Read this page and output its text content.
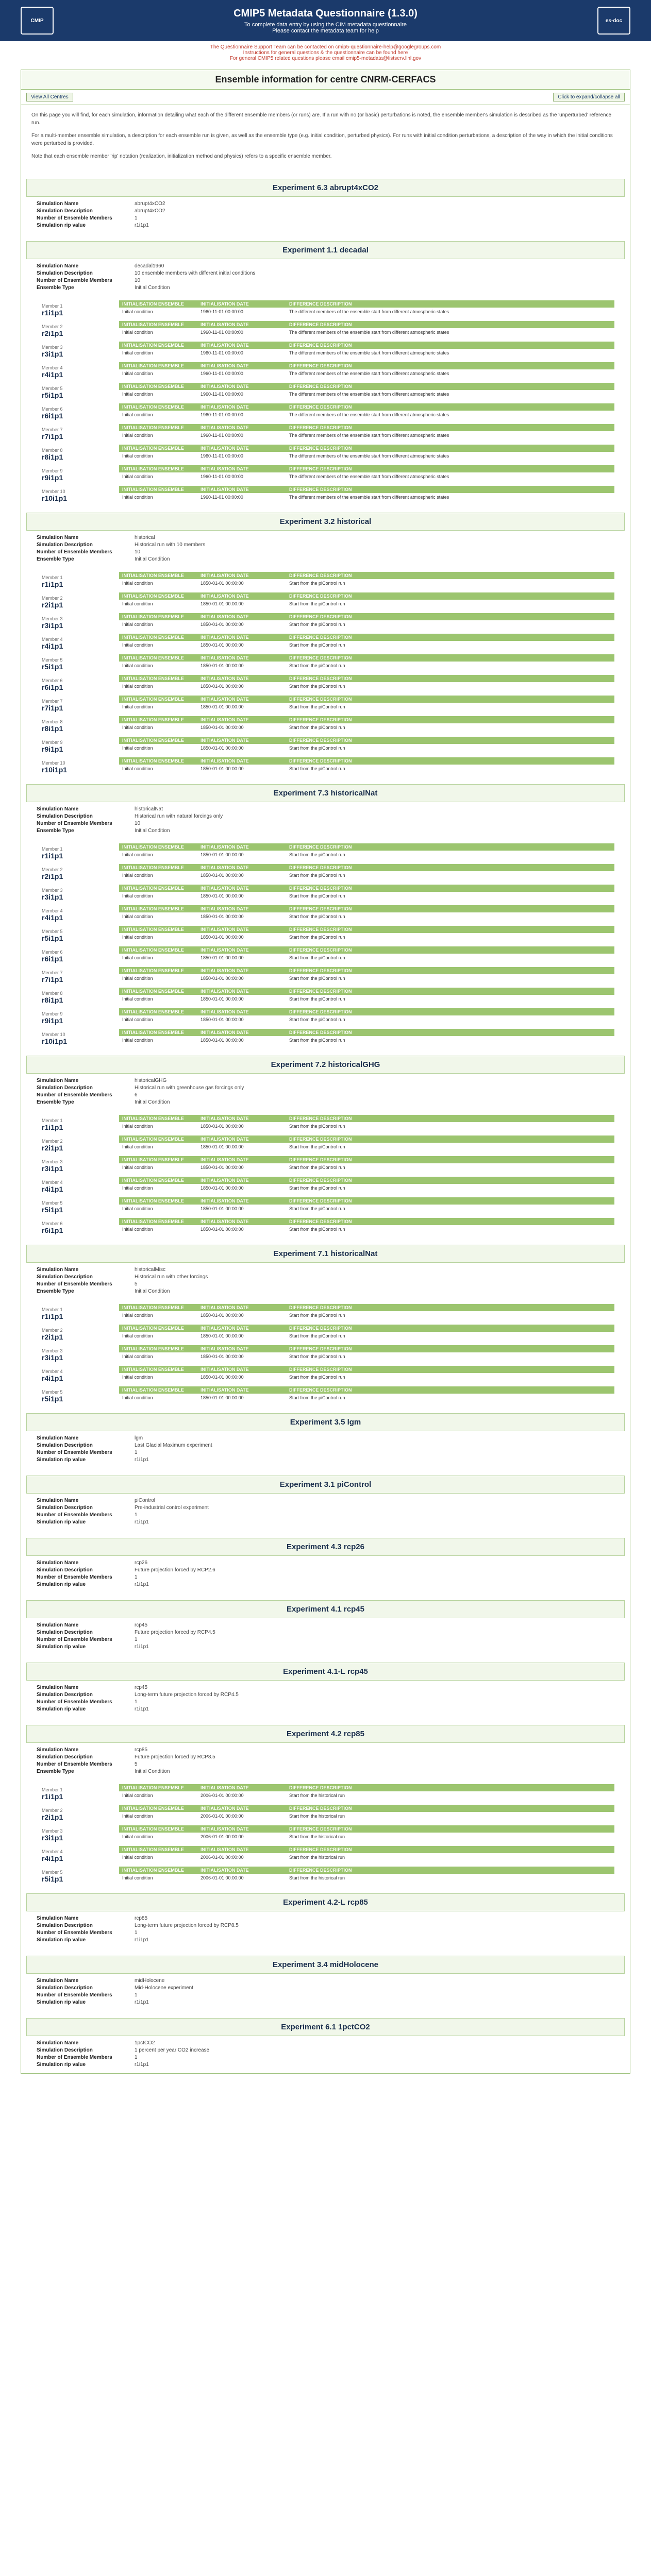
CMIP
CMIP5 Metadata Questionnaire (1.3.0)
To complete data entry by using the CIM metadata questionnaire
Please contact the metadata team for help
es-doc
The Questionnaire Support Team can be contacted on cmip5-questionnaire-help@googlegroups.com
Instructions for general questions & the questionnaire can be found here
For general CMIP5 related questions please email cmip5-metadata@listserv.llnl.gov
Ensemble information for centre CNRM-CERFACS
View All Centres	Click to expand/collapse all

On this page you will find, for each simulation, information detailing what each of the different ensemble members (or runs) are. If a run with no (or basic) perturbations is noted, the ensemble member's simulation is described as the 'unperturbed' reference run.

For a multi-member ensemble simulation, a description for each ensemble run is given, as well as the ensemble type (e.g. initial condition, perturbed physics). For runs with initial condition perturbations, a description of the way in which the initial conditions were perturbed is provided.

Note that each ensemble member 'rip' notation (realization, initialization method and physics) refers to a specific ensemble member.

Experiment 6.3 abrupt4xCO2
Simulation Name	abrupt4xCO2
Simulation Description	abrupt4xCO2
Number of Ensemble Members	1
Simulation rip value	r1i1p1
Experiment 1.1 decadal
Simulation Name	decadal1960
Simulation Description	10 ensemble members with different initial conditions
Number of Ensemble Members	10
Ensemble Type	Initial Condition
Member 1
r1i1p1
INITIALISATION ENSEMBLE	INITIALISATION DATE	DIFFERENCE DESCRIPTION
Initial condition	1960-11-01 00:00:00	The different members of the ensemble start from different atmospheric states
Member 2
r2i1p1
INITIALISATION ENSEMBLE	INITIALISATION DATE	DIFFERENCE DESCRIPTION
Initial condition	1960-11-01 00:00:00	The different members of the ensemble start from different atmospheric states
Member 3
r3i1p1
INITIALISATION ENSEMBLE	INITIALISATION DATE	DIFFERENCE DESCRIPTION
Initial condition	1960-11-01 00:00:00	The different members of the ensemble start from different atmospheric states
Member 4
r4i1p1
INITIALISATION ENSEMBLE	INITIALISATION DATE	DIFFERENCE DESCRIPTION
Initial condition	1960-11-01 00:00:00	The different members of the ensemble start from different atmospheric states
Member 5
r5i1p1
INITIALISATION ENSEMBLE	INITIALISATION DATE	DIFFERENCE DESCRIPTION
Initial condition	1960-11-01 00:00:00	The different members of the ensemble start from different atmospheric states
Member 6
r6i1p1
INITIALISATION ENSEMBLE	INITIALISATION DATE	DIFFERENCE DESCRIPTION
Initial condition	1960-11-01 00:00:00	The different members of the ensemble start from different atmospheric states
Member 7
r7i1p1
INITIALISATION ENSEMBLE	INITIALISATION DATE	DIFFERENCE DESCRIPTION
Initial condition	1960-11-01 00:00:00	The different members of the ensemble start from different atmospheric states
Member 8
r8i1p1
INITIALISATION ENSEMBLE	INITIALISATION DATE	DIFFERENCE DESCRIPTION
Initial condition	1960-11-01 00:00:00	The different members of the ensemble start from different atmospheric states
Member 9
r9i1p1
INITIALISATION ENSEMBLE	INITIALISATION DATE	DIFFERENCE DESCRIPTION
Initial condition	1960-11-01 00:00:00	The different members of the ensemble start from different atmospheric states
Member 10
r10i1p1
INITIALISATION ENSEMBLE	INITIALISATION DATE	DIFFERENCE DESCRIPTION
Initial condition	1960-11-01 00:00:00	The different members of the ensemble start from different atmospheric states
Experiment 3.2 historical
Simulation Name	historical
Simulation Description	Historical run with 10 members
Number of Ensemble Members	10
Ensemble Type	Initial Condition
Member 1
r1i1p1
INITIALISATION ENSEMBLE	INITIALISATION DATE	DIFFERENCE DESCRIPTION
Initial condition	1850-01-01 00:00:00	Start from the piControl run
Member 2
r2i1p1
INITIALISATION ENSEMBLE	INITIALISATION DATE	DIFFERENCE DESCRIPTION
Initial condition	1850-01-01 00:00:00	Start from the piControl run
Member 3
r3i1p1
INITIALISATION ENSEMBLE	INITIALISATION DATE	DIFFERENCE DESCRIPTION
Initial condition	1850-01-01 00:00:00	Start from the piControl run
Member 4
r4i1p1
INITIALISATION ENSEMBLE	INITIALISATION DATE	DIFFERENCE DESCRIPTION
Initial condition	1850-01-01 00:00:00	Start from the piControl run
Member 5
r5i1p1
INITIALISATION ENSEMBLE	INITIALISATION DATE	DIFFERENCE DESCRIPTION
Initial condition	1850-01-01 00:00:00	Start from the piControl run
Member 6
r6i1p1
INITIALISATION ENSEMBLE	INITIALISATION DATE	DIFFERENCE DESCRIPTION
Initial condition	1850-01-01 00:00:00	Start from the piControl run
Member 7
r7i1p1
INITIALISATION ENSEMBLE	INITIALISATION DATE	DIFFERENCE DESCRIPTION
Initial condition	1850-01-01 00:00:00	Start from the piControl run
Member 8
r8i1p1
INITIALISATION ENSEMBLE	INITIALISATION DATE	DIFFERENCE DESCRIPTION
Initial condition	1850-01-01 00:00:00	Start from the piControl run
Member 9
r9i1p1
INITIALISATION ENSEMBLE	INITIALISATION DATE	DIFFERENCE DESCRIPTION
Initial condition	1850-01-01 00:00:00	Start from the piControl run
Member 10
r10i1p1
INITIALISATION ENSEMBLE	INITIALISATION DATE	DIFFERENCE DESCRIPTION
Initial condition	1850-01-01 00:00:00	Start from the piControl run
Experiment 7.3 historicalNat
Simulation Name	historicalNat
Simulation Description	Historical run with natural forcings only
Number of Ensemble Members	10
Ensemble Type	Initial Condition
Member 1
r1i1p1
INITIALISATION ENSEMBLE	INITIALISATION DATE	DIFFERENCE DESCRIPTION
Initial condition	1850-01-01 00:00:00	Start from the piControl run
Member 2
r2i1p1
INITIALISATION ENSEMBLE	INITIALISATION DATE	DIFFERENCE DESCRIPTION
Initial condition	1850-01-01 00:00:00	Start from the piControl run
Member 3
r3i1p1
INITIALISATION ENSEMBLE	INITIALISATION DATE	DIFFERENCE DESCRIPTION
Initial condition	1850-01-01 00:00:00	Start from the piControl run
Member 4
r4i1p1
INITIALISATION ENSEMBLE	INITIALISATION DATE	DIFFERENCE DESCRIPTION
Initial condition	1850-01-01 00:00:00	Start from the piControl run
Member 5
r5i1p1
INITIALISATION ENSEMBLE	INITIALISATION DATE	DIFFERENCE DESCRIPTION
Initial condition	1850-01-01 00:00:00	Start from the piControl run
Member 6
r6i1p1
INITIALISATION ENSEMBLE	INITIALISATION DATE	DIFFERENCE DESCRIPTION
Initial condition	1850-01-01 00:00:00	Start from the piControl run
Member 7
r7i1p1
INITIALISATION ENSEMBLE	INITIALISATION DATE	DIFFERENCE DESCRIPTION
Initial condition	1850-01-01 00:00:00	Start from the piControl run
Member 8
r8i1p1
INITIALISATION ENSEMBLE	INITIALISATION DATE	DIFFERENCE DESCRIPTION
Initial condition	1850-01-01 00:00:00	Start from the piControl run
Member 9
r9i1p1
INITIALISATION ENSEMBLE	INITIALISATION DATE	DIFFERENCE DESCRIPTION
Initial condition	1850-01-01 00:00:00	Start from the piControl run
Member 10
r10i1p1
INITIALISATION ENSEMBLE	INITIALISATION DATE	DIFFERENCE DESCRIPTION
Initial condition	1850-01-01 00:00:00	Start from the piControl run
Experiment 7.2 historicalGHG
Simulation Name	historicalGHG
Simulation Description	Historical run with greenhouse gas forcings only
Number of Ensemble Members	6
Ensemble Type	Initial Condition
Member 1
r1i1p1
INITIALISATION ENSEMBLE	INITIALISATION DATE	DIFFERENCE DESCRIPTION
Initial condition	1850-01-01 00:00:00	Start from the piControl run
Member 2
r2i1p1
INITIALISATION ENSEMBLE	INITIALISATION DATE	DIFFERENCE DESCRIPTION
Initial condition	1850-01-01 00:00:00	Start from the piControl run
Member 3
r3i1p1
INITIALISATION ENSEMBLE	INITIALISATION DATE	DIFFERENCE DESCRIPTION
Initial condition	1850-01-01 00:00:00	Start from the piControl run
Member 4
r4i1p1
INITIALISATION ENSEMBLE	INITIALISATION DATE	DIFFERENCE DESCRIPTION
Initial condition	1850-01-01 00:00:00	Start from the piControl run
Member 5
r5i1p1
INITIALISATION ENSEMBLE	INITIALISATION DATE	DIFFERENCE DESCRIPTION
Initial condition	1850-01-01 00:00:00	Start from the piControl run
Member 6
r6i1p1
INITIALISATION ENSEMBLE	INITIALISATION DATE	DIFFERENCE DESCRIPTION
Initial condition	1850-01-01 00:00:00	Start from the piControl run
Experiment 7.1 historicalNat
Simulation Name	historicalMisc
Simulation Description	Historical run with other forcings
Number of Ensemble Members	5
Ensemble Type	Initial Condition
Member 1
r1i1p1
INITIALISATION ENSEMBLE	INITIALISATION DATE	DIFFERENCE DESCRIPTION
Initial condition	1850-01-01 00:00:00	Start from the piControl run
Member 2
r2i1p1
INITIALISATION ENSEMBLE	INITIALISATION DATE	DIFFERENCE DESCRIPTION
Initial condition	1850-01-01 00:00:00	Start from the piControl run
Member 3
r3i1p1
INITIALISATION ENSEMBLE	INITIALISATION DATE	DIFFERENCE DESCRIPTION
Initial condition	1850-01-01 00:00:00	Start from the piControl run
Member 4
r4i1p1
INITIALISATION ENSEMBLE	INITIALISATION DATE	DIFFERENCE DESCRIPTION
Initial condition	1850-01-01 00:00:00	Start from the piControl run
Member 5
r5i1p1
INITIALISATION ENSEMBLE	INITIALISATION DATE	DIFFERENCE DESCRIPTION
Initial condition	1850-01-01 00:00:00	Start from the piControl run
Experiment 3.5 lgm
Simulation Name	lgm
Simulation Description	Last Glacial Maximum experiment
Number of Ensemble Members	1
Simulation rip value	r1i1p1
Experiment 3.1 piControl
Simulation Name	piControl
Simulation Description	Pre-industrial control experiment
Number of Ensemble Members	1
Simulation rip value	r1i1p1
Experiment 4.3 rcp26
Simulation Name	rcp26
Simulation Description	Future projection forced by RCP2.6
Number of Ensemble Members	1
Simulation rip value	r1i1p1
Experiment 4.1 rcp45
Simulation Name	rcp45
Simulation Description	Future projection forced by RCP4.5
Number of Ensemble Members	1
Simulation rip value	r1i1p1
Experiment 4.1-L rcp45
Simulation Name	rcp45
Simulation Description	Long-term future projection forced by RCP4.5
Number of Ensemble Members	1
Simulation rip value	r1i1p1
Experiment 4.2 rcp85
Simulation Name	rcp85
Simulation Description	Future projection forced by RCP8.5
Number of Ensemble Members	5
Ensemble Type	Initial Condition
Member 1
r1i1p1
INITIALISATION ENSEMBLE	INITIALISATION DATE	DIFFERENCE DESCRIPTION
Initial condition	2006-01-01 00:00:00	Start from the historical run
Member 2
r2i1p1
INITIALISATION ENSEMBLE	INITIALISATION DATE	DIFFERENCE DESCRIPTION
Initial condition	2006-01-01 00:00:00	Start from the historical run
Member 3
r3i1p1
INITIALISATION ENSEMBLE	INITIALISATION DATE	DIFFERENCE DESCRIPTION
Initial condition	2006-01-01 00:00:00	Start from the historical run
Member 4
r4i1p1
INITIALISATION ENSEMBLE	INITIALISATION DATE	DIFFERENCE DESCRIPTION
Initial condition	2006-01-01 00:00:00	Start from the historical run
Member 5
r5i1p1
INITIALISATION ENSEMBLE	INITIALISATION DATE	DIFFERENCE DESCRIPTION
Initial condition	2006-01-01 00:00:00	Start from the historical run
Experiment 4.2-L rcp85
Simulation Name	rcp85
Simulation Description	Long-term future projection forced by RCP8.5
Number of Ensemble Members	1
Simulation rip value	r1i1p1
Experiment 3.4 midHolocene
Simulation Name	midHolocene
Simulation Description	Mid-Holocene experiment
Number of Ensemble Members	1
Simulation rip value	r1i1p1
Experiment 6.1 1pctCO2
Simulation Name	1pctCO2
Simulation Description	1 percent per year CO2 increase
Number of Ensemble Members	1
Simulation rip value	r1i1p1
